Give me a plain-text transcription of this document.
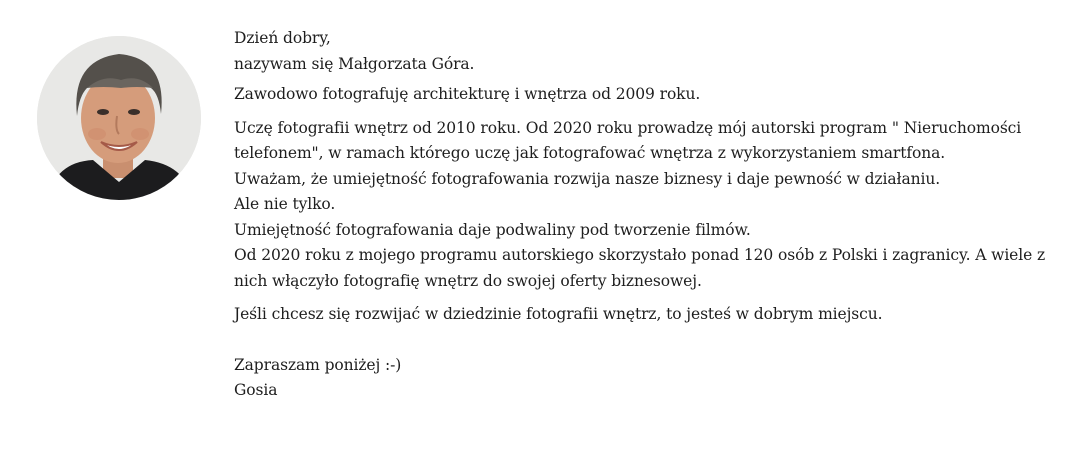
Dzień dobry,

nazywam się Małgorzata Góra.

Zawodowo fotografuję architekturę i wnętrza od 2009 roku.

Uczę fotografii wnętrz od 2010 roku. Od 2020 roku prowadzę mój autorski program " Nieruchomości

telefonem", w ramach którego uczę jak fotografować wnętrza z wykorzystaniem smartfona.

Uważam, że umiejętność fotografowania rozwija nasze biznesy i daje pewność w działaniu.

Ale nie tylko.

Umiejętność fotografowania daje podwaliny pod tworzenie filmów.

Od 2020 roku z mojego programu autorskiego skorzystało ponad 120 osób z Polski i zagranicy. A wiele z

nich włączyło fotografię wnętrz do swojej oferty biznesowej.

Jeśli chcesz się rozwijać w dziedzinie fotografii wnętrz, to jesteś w dobrym miejscu.

Zapraszam poniżej :-)

Gosia
